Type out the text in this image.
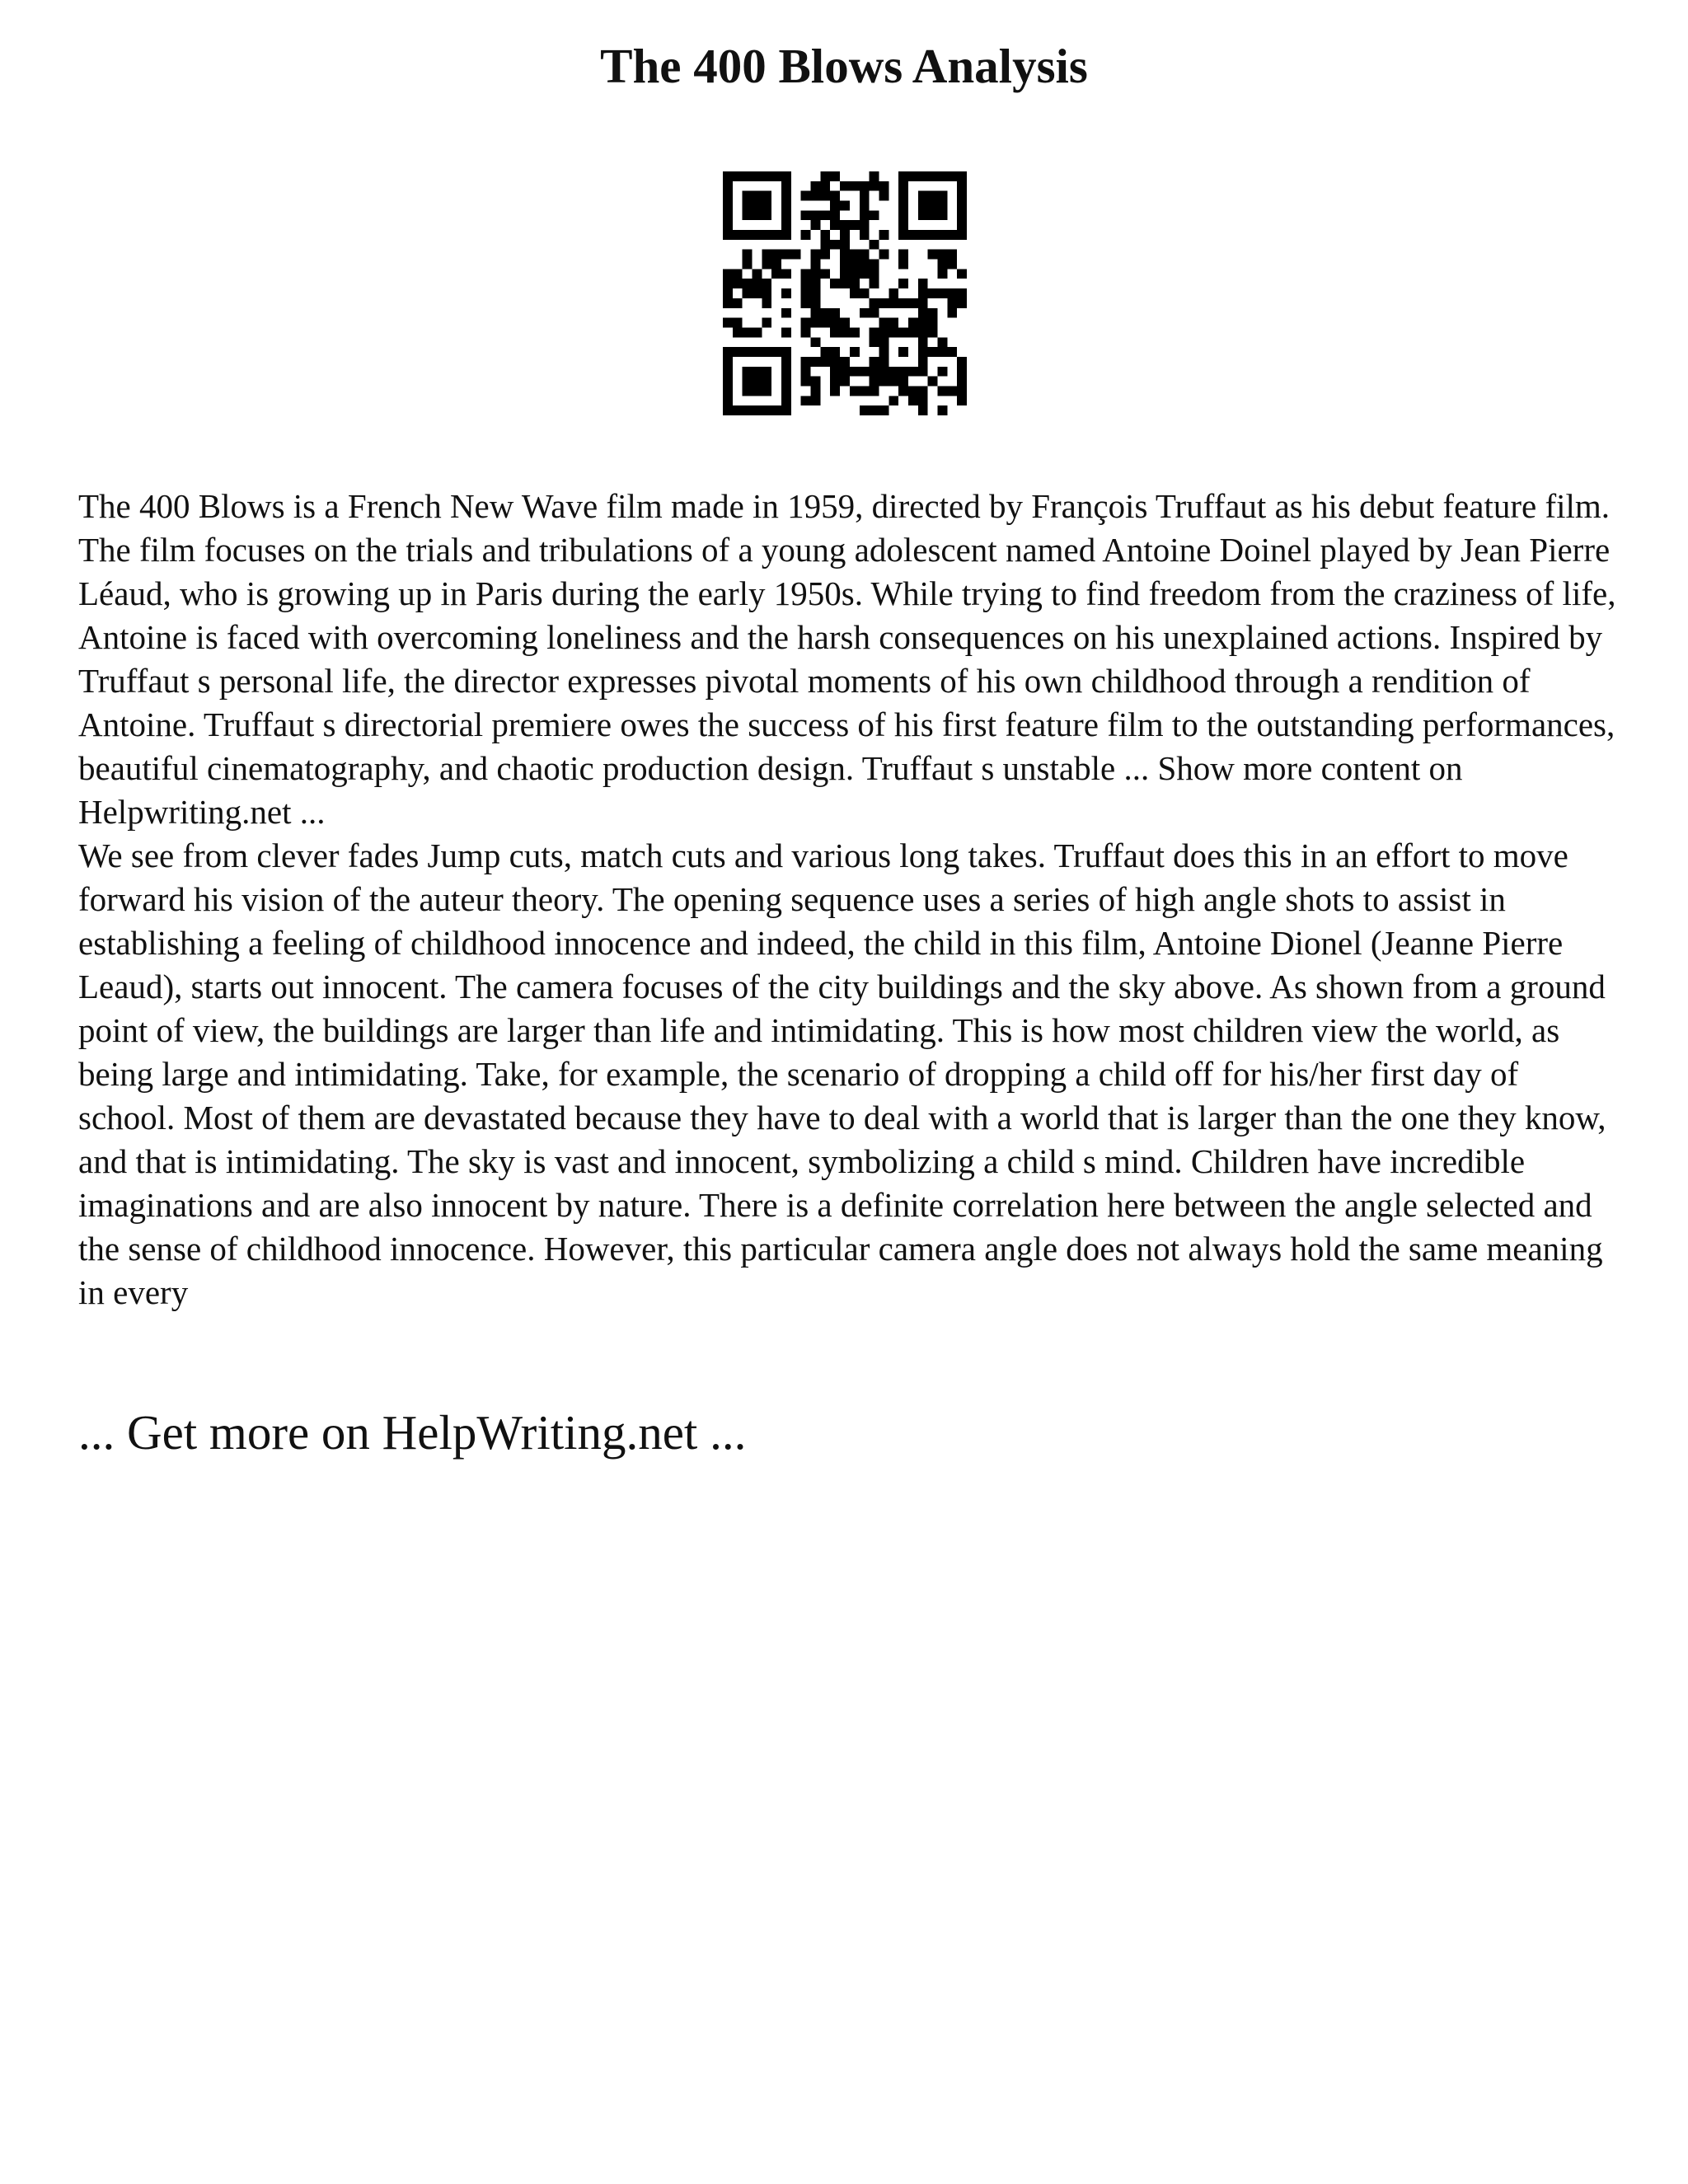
The 400 Blows Analysis

The 400 Blows is a French New Wave film made in 1959, directed by François Truffaut as his debut feature film. The film focuses on the trials and tribulations of a young adolescent named Antoine Doinel played by Jean Pierre Léaud, who is growing up in Paris during the early 1950s. While trying to find freedom from the craziness of life, Antoine is faced with overcoming loneliness and the harsh consequences on his unexplained actions. Inspired by Truffaut s personal life, the director expresses pivotal moments of his own childhood through a rendition of Antoine. Truffaut s directorial premiere owes the success of his first feature film to the outstanding performances, beautiful cinematography, and chaotic production design. Truffaut s unstable ... Show more content on Helpwriting.net ...

We see from clever fades Jump cuts, match cuts and various long takes. Truffaut does this in an effort to move forward his vision of the auteur theory. The opening sequence uses a series of high angle shots to assist in establishing a feeling of childhood innocence and indeed, the child in this film, Antoine Dionel (Jeanne Pierre Leaud), starts out innocent. The camera focuses of the city buildings and the sky above. As shown from a ground point of view, the buildings are larger than life and intimidating. This is how most children view the world, as being large and intimidating. Take, for example, the scenario of dropping a child off for his/her first day of school. Most of them are devastated because they have to deal with a world that is larger than the one they know, and that is intimidating. The sky is vast and innocent, symbolizing a child s mind. Children have incredible imaginations and are also innocent by nature. There is a definite correlation here between the angle selected and the sense of childhood innocence. However, this particular camera angle does not always hold the same meaning in every

... Get more on HelpWriting.net ...
